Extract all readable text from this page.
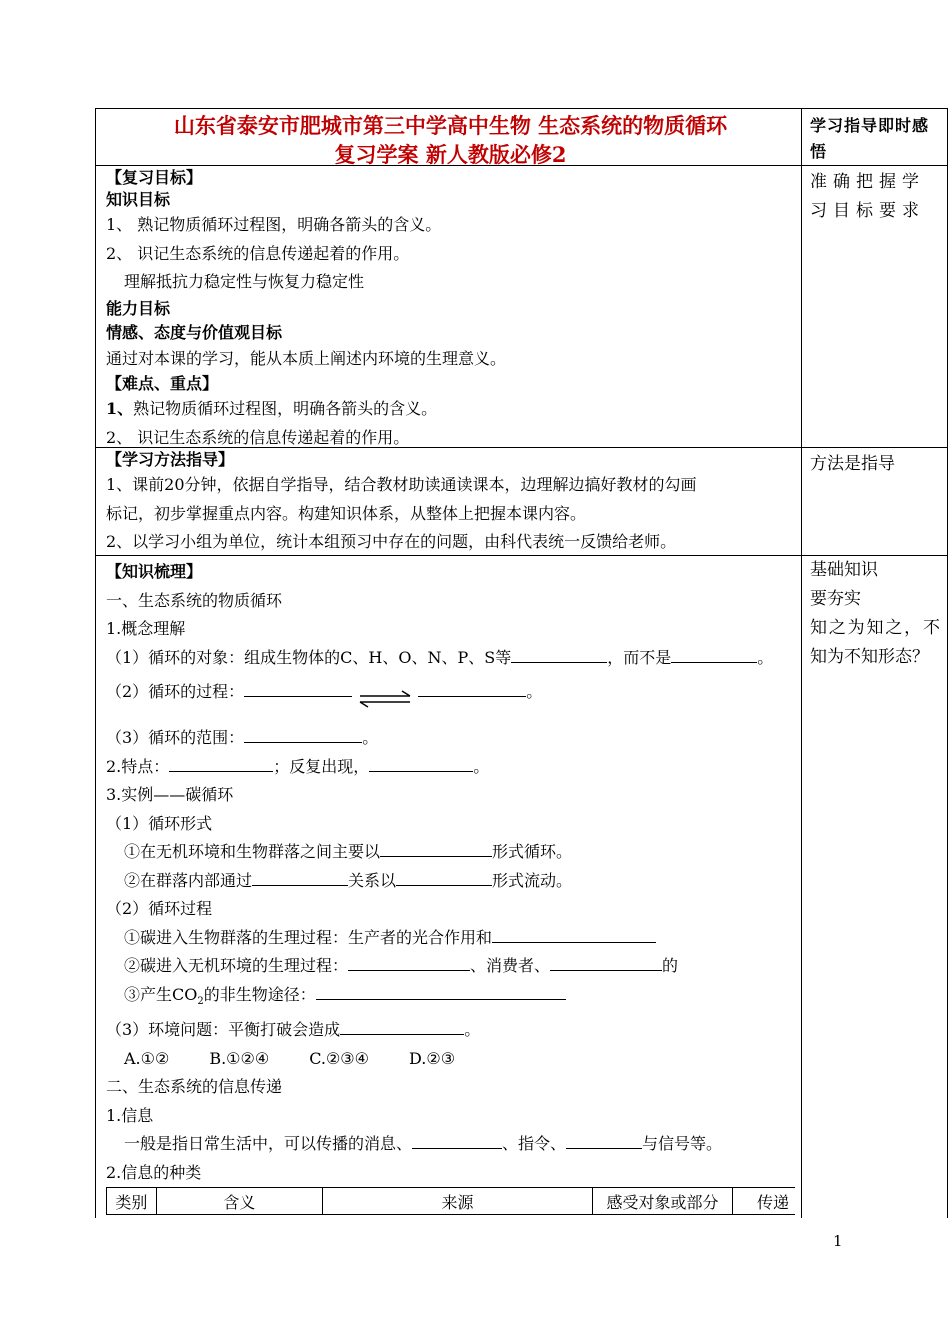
山东省泰安市肥城市第三中学高中生物 生态系统的物质循环
复习学案 新人教版必修2
学习指导即时感悟
【复习目标】
知识目标
1、 熟记物质循环过程图，明确各箭头的含义。
2、 识记生态系统的信息传递起着的作用。
理解抵抗力稳定性与恢复力稳定性
能力目标
情感、态度与价值观目标
通过对本课的学习，能从本质上阐述内环境的生理意义。
【难点、重点】
1、熟记物质循环过程图，明确各箭头的含义。
2、 识记生态系统的信息传递起着的作用。
准确把握学习目标要求
【学习方法指导】
1、课前20分钟，依据自学指导，结合教材助读通读课本，边理解边搞好教材的勾画
标记，初步掌握重点内容。构建知识体系，从整体上把握本课内容。
2、以学习小组为单位，统计本组预习中存在的问题，由科代表统一反馈给老师。
方法是指导
【知识梳理】
一、生态系统的物质循环
1.概念理解
（1）循环的对象：组成生物体的C、H、O、N、P、S等	，而不是	。
（2）循环的过程：	。
（3）循环的范围：	。
2.特点：	；反复出现，	。
3.实例——碳循环
（1）循环形式
①在无机环境和生物群落之间主要以	形式循环。
②在群落内部通过	关系以	形式流动。
（2）循环过程
①碳进入生物群落的生理过程：生产者的光合作用和
②碳进入无机环境的生理过程：	、消费者、	的
③产生$CO_2$的非生物途径：
（3）环境问题：平衡打破会造成	。
A.①②	B.①②④	C.②③④	D.②③
二、生态系统的信息传递
1.信息
一般是指日常生活中，可以传播的消息、	、指令、	与信号等。
2.信息的种类
类别	含义	来源	感受对象或部分	传递
基础知识
要夯实
知之为知之，不知为不知形态？
1
